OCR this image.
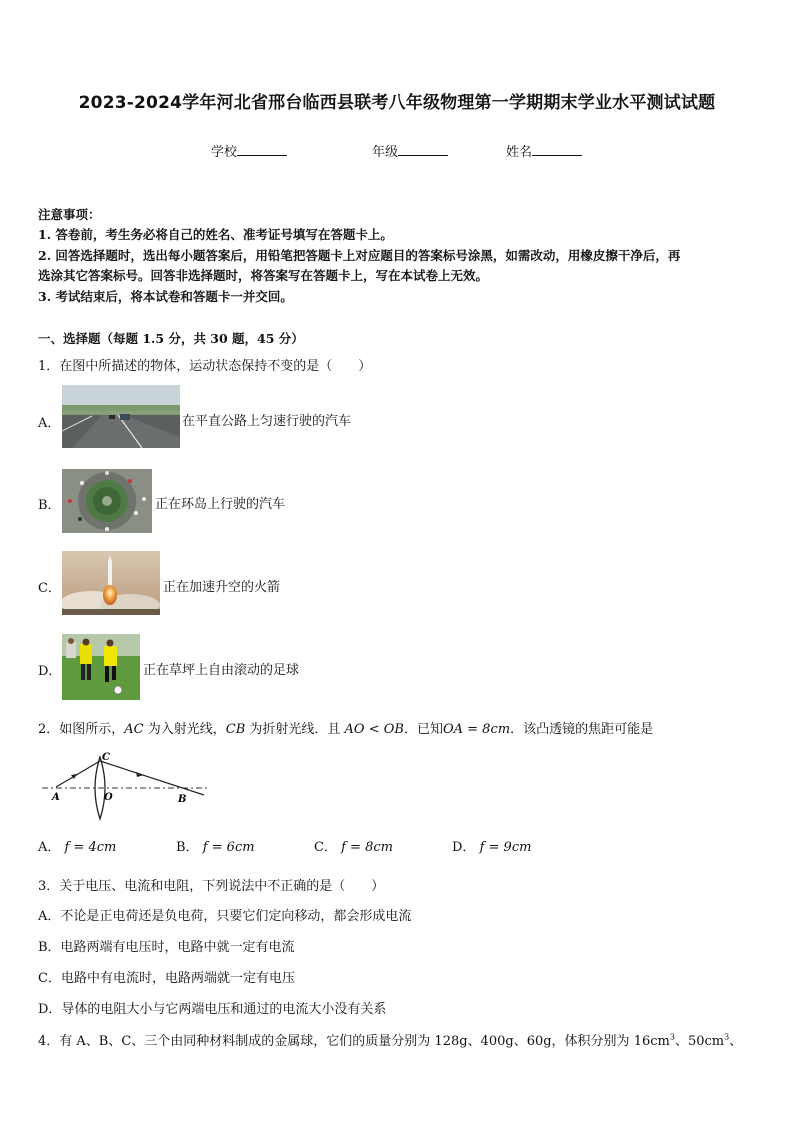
2023-2024学年河北省邢台临西县联考八年级物理第一学期期末学业水平测试试题
学校	年级	姓名
注意事项：
1. 答卷前，考生务必将自己的姓名、准考证号填写在答题卡上。
2. 回答选择题时，选出每小题答案后，用铅笔把答题卡上对应题目的答案标号涂黑，如需改动，用橡皮擦干净后，再
选涂其它答案标号。回答非选择题时，将答案写在答题卡上，写在本试卷上无效。
3. 考试结束后，将本试卷和答题卡一并交回。
一、选择题（每题 1.5 分，共 30 题，45 分）
1．在图中所描述的物体，运动状态保持不变的是（　　）
A．	在平直公路上匀速行驶的汽车
B．	正在环岛上行驶的汽车
C．	正在加速升空的火箭
D．	正在草坪上自由滚动的足球
2．如图所示，AC 为入射光线，CB 为折射光线．且 AO < OB．已知OA = 8cm．该凸透镜的焦距可能是
C
A	O	B
A． f = 4cm	B． f = 6cm	C． f = 8cm	D． f = 9cm
3．关于电压、电流和电阻，下列说法中不正确的是（　　）
A．不论是正电荷还是负电荷，只要它们定向移动，都会形成电流
B．电路两端有电压时，电路中就一定有电流
C．电路中有电流时，电路两端就一定有电压
D．导体的电阻大小与它两端电压和通过的电流大小没有关系
4．有 A、B、C、三个由同种材料制成的金属球，它们的质量分别为 128g、400g、60g，体积分别为 $16cm^3$、$50cm^3$、
